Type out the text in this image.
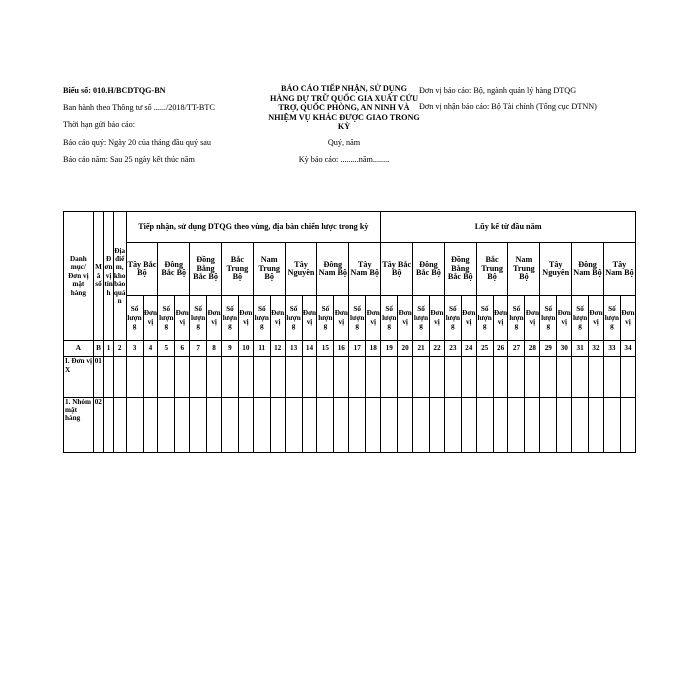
Biểu số: 010.H/BCDTQG-BN
Ban hành theo Thông tư số ....../2018/TT-BTC
Thời hạn gửi báo cáo:
Báo cáo quý: Ngày 20 của tháng đầu quý sau
Báo cáo năm: Sau 25 ngày kết thúc năm
BÁO CÁO TIẾP NHẬN, SỬ DỤNG HÀNG DỰ TRỮ QUỐC GIA XUẤT CỨU TRỢ, QUỐC PHÒNG, AN NINH VÀ NHIỆM VỤ KHÁC ĐƯỢC GIAO TRONG KỲ
Quý, năm
Kỳ báo cáo: .........năm........
Đơn vị báo cáo: Bộ, ngành quản lý hàng DTQG
Đơn vị nhận báo cáo: Bộ Tài chính (Tổng cục DTNN)
Danh mục/ Đơn vị mặt hàng	Mã số	Đơn vị tính	Địa điểm, kho báo quản	Tiếp nhận, sử dụng DTQG theo vùng, địa bàn chiến lược trong kỳ																Lũy kế từ đầu năm															
				Tây Bắc Bộ		Đông Bắc Bộ		Đồng Bằng Bắc Bộ		Bắc Trung Bộ		Nam Trung Bộ		Tây Nguyên		Đông Nam Bộ		Tây Nam Bộ		Tây Bắc Bộ		Đông Bắc Bộ		Đồng Bằng Bắc Bộ		Bắc Trung Bộ		Nam Trung Bộ		Tây Nguyên		Đông Nam Bộ		Tây Nam Bộ	
				Số lượng	Đơn vị	Số lượng	Đơn vị	Số lượng	Đơn vị	Số lượng	Đơn vị	Số lượng	Đơn vị	Số lượng	Đơn vị	Số lượng	Đơn vị	Số lượng	Đơn vị	Số lượng	Đơn vị	Số lượng	Đơn vị	Số lượng	Đơn vị	Số lượng	Đơn vị	Số lượng	Đơn vị	Số lượng	Đơn vị	Số lượng	Đơn vị	Số lượng	Đơn vị
A	B	1	2	3	4	5	6	7	8	9	10	11	12	13	14	15	16	17	18	19	20	21	22	23	24	25	26	27	28	29	30	31	32	33	34
I. Đơn vị X	01																																		
1. Nhóm mặt hàng	02																																		
